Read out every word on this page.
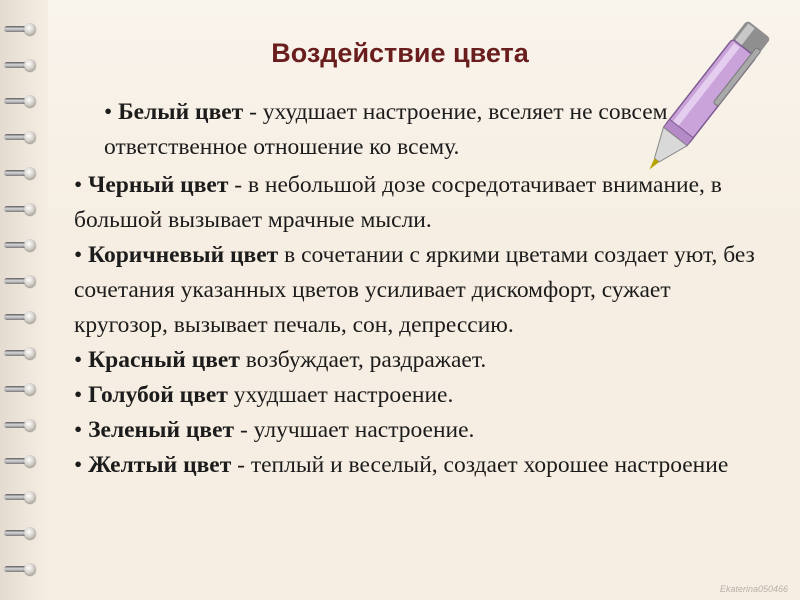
Воздействие цвета

• Белый цвет - ухудшает настроение, вселяет не совсем ответственное отношение ко всему.

• Черный цвет - в небольшой дозе сосредотачивает внимание, в большой вызывает мрачные мысли.

• Коричневый цвет в сочетании с яркими цветами создает уют, без сочетания указанных цветов усиливает дискомфорт, сужает кругозор, вызывает печаль, сон, депрессию.

• Красный цвет возбуждает, раздражает.

• Голубой цвет ухудшает настроение.

• Зеленый цвет - улучшает настроение.

• Желтый цвет - теплый и веселый, создает хорошее настроение

Ekaterina050466
